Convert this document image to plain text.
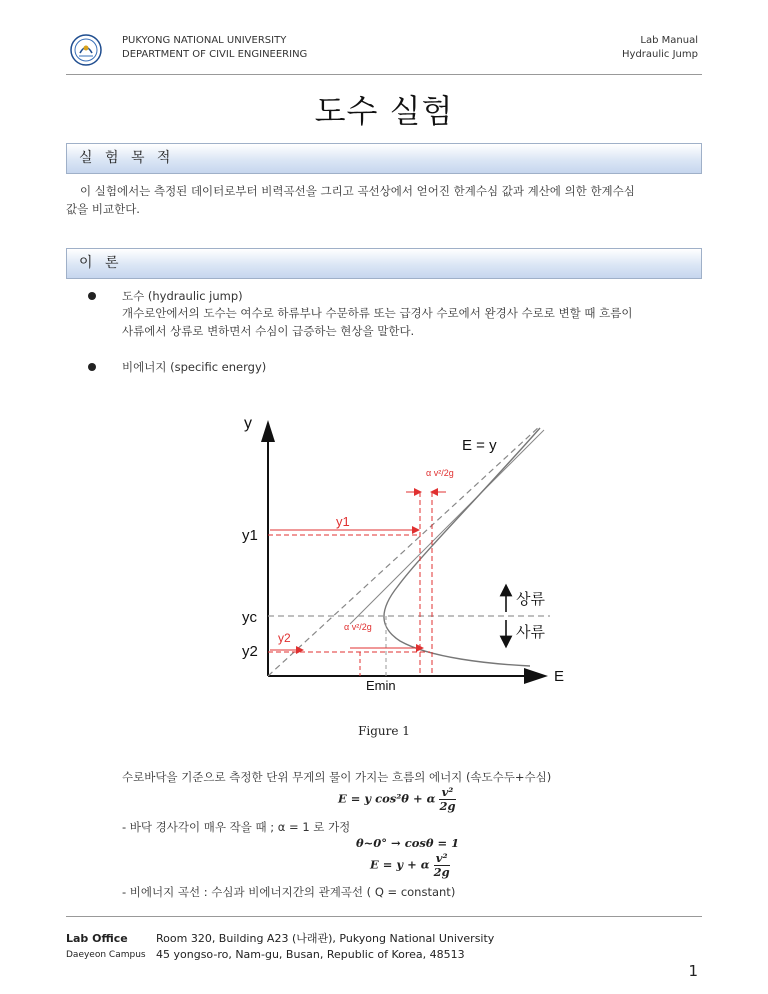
PUKYONG NATIONAL UNIVERSITY
DEPARTMENT OF CIVIL ENGINEERING
Lab Manual
Hydraulic Jump
도수 실험
실 험 목 적
이 실험에서는 측정된 데이터로부터 비력곡선을 그리고 곡선상에서 얻어진 한계수심 값과 계산에 의한 한계수심
값을 비교한다.
이 론
도수 (hydraulic jump)
개수로안에서의 도수는 여수로 하류부나 수문하류 또는 급경사 수로에서 완경사 수로로 변할 때 흐름이
사류에서 상류로 변하면서 수심이 급증하는 현상을 말한다.
비에너지 (specific energy)
y
E
E = y
y1
α v²/2g
y2
α v²/2g
y1
yc
y2
Emin
상류
사류
Figure 1
수로바닥을 기준으로 측정한 단위 무게의 물이 가지는 흐름의 에너지 (속도수두+수심)
E = y cos²θ + α $\frac{\text{v²}}{2g}$
- 바닥 경사각이 매우 작을 때 ; α = 1 로 가정
θ~0° → cosθ = 1
E = y + α $\frac{\text{v²}}{2g}$
- 비에너지 곡선 : 수심과 비에너지간의 관계곡선 ( Q = constant)
Lab Office
Daeyeon Campus
Room 320, Building A23 (나래관), Pukyong National University
45 yongso-ro, Nam-gu, Busan, Republic of Korea, 48513
1
